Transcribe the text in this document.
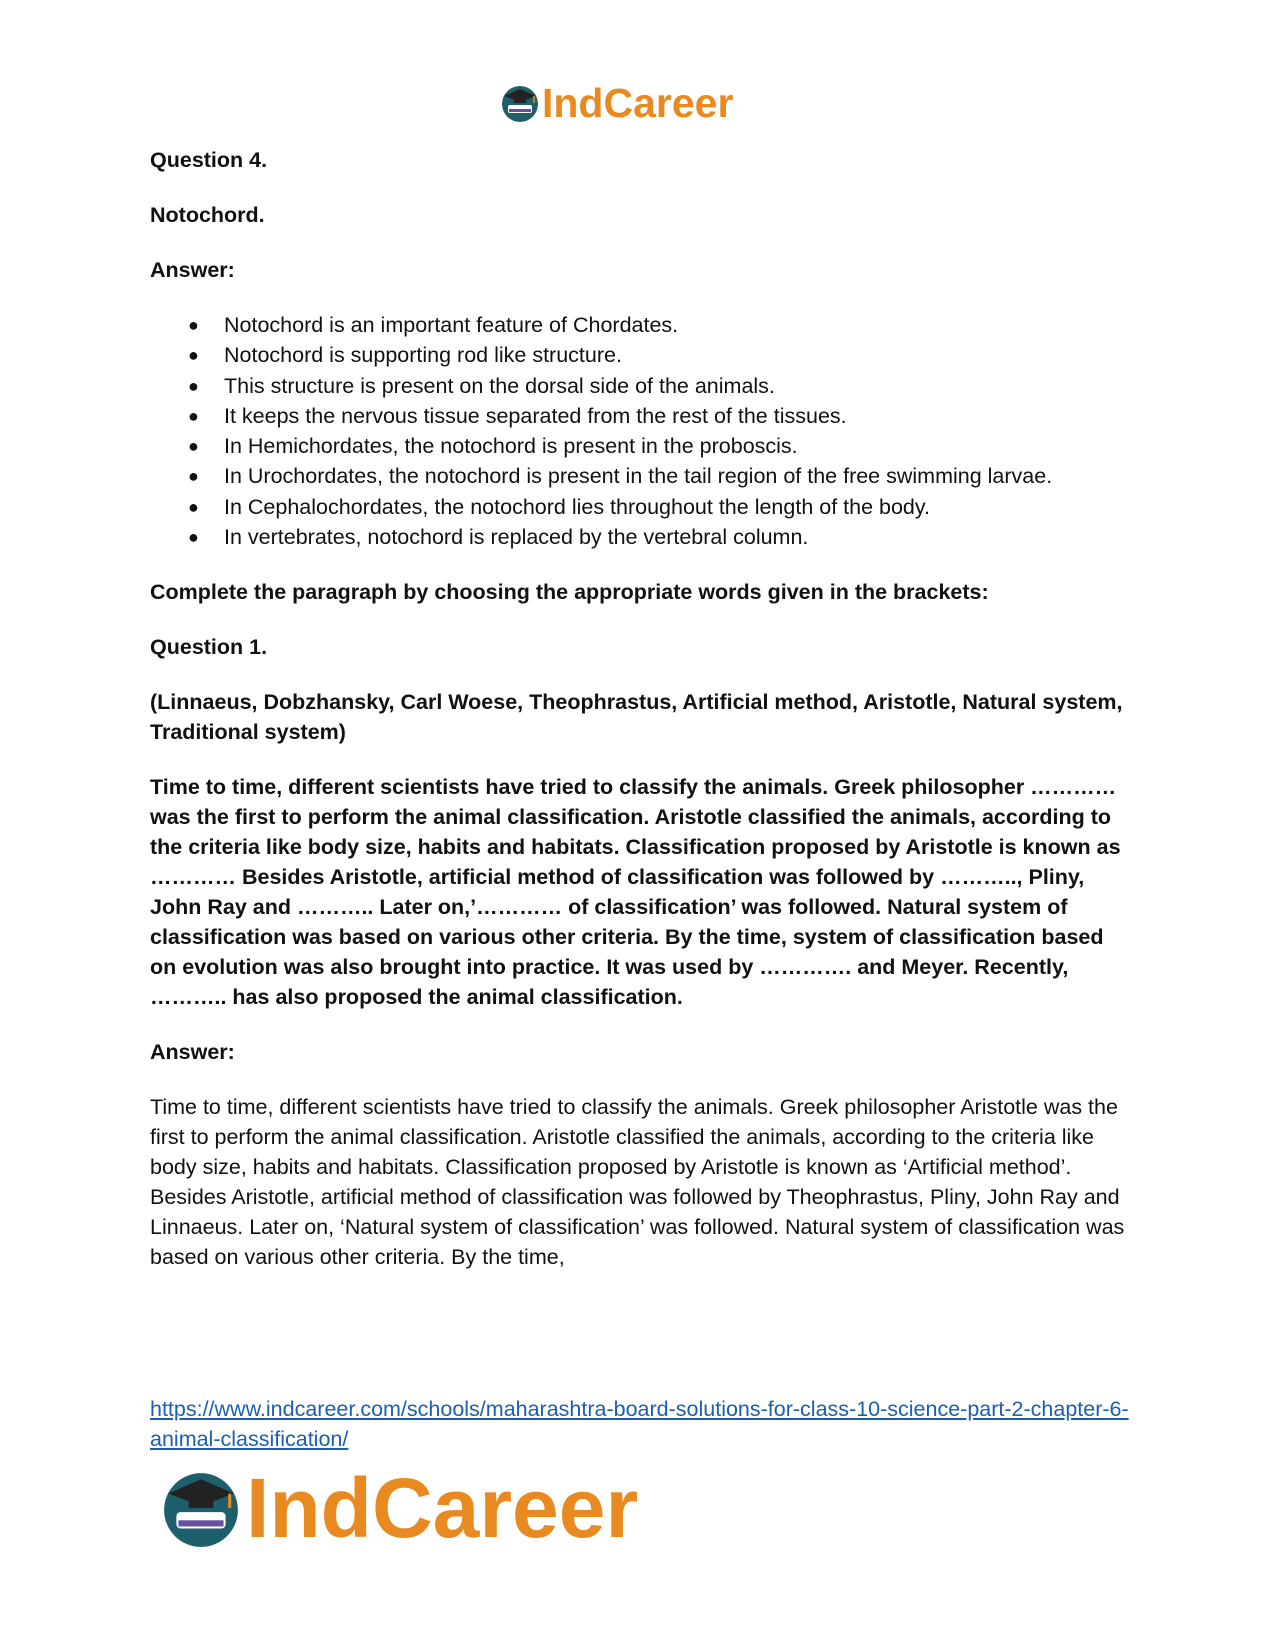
IndCareer

Question 4.

Notochord.

Answer:

● Notochord is an important feature of Chordates.
● Notochord is supporting rod like structure.
● This structure is present on the dorsal side of the animals.
● It keeps the nervous tissue separated from the rest of the tissues.
● In Hemichordates, the notochord is present in the proboscis.
● In Urochordates, the notochord is present in the tail region of the free swimming larvae.
● In Cephalochordates, the notochord lies throughout the length of the body.
● In vertebrates, notochord is replaced by the vertebral column.

Complete the paragraph by choosing the appropriate words given in the brackets:

Question 1.

(Linnaeus, Dobzhansky, Carl Woese, Theophrastus, Artificial method, Aristotle, Natural system, Traditional system)

Time to time, different scientists have tried to classify the animals. Greek philosopher ………… was the first to perform the animal classification. Aristotle classified the animals, according to the criteria like body size, habits and habitats. Classification proposed by Aristotle is known as ………… Besides Aristotle, artificial method of classification was followed by ……….., Pliny, John Ray and ……….. Later on,’………… of classification’ was followed. Natural system of classification was based on various other criteria. By the time, system of classification based on evolution was also brought into practice. It was used by …………. and Meyer. Recently, ……….. has also proposed the animal classification.

Answer:

Time to time, different scientists have tried to classify the animals. Greek philosopher Aristotle was the first to perform the animal classification. Aristotle classified the animals, according to the criteria like body size, habits and habitats. Classification proposed by Aristotle is known as ‘Artificial method’. Besides Aristotle, artificial method of classification was followed by Theophrastus, Pliny, John Ray and Linnaeus. Later on, ‘Natural system of classification’ was followed. Natural system of classification was based on various other criteria. By the time,

https://www.indcareer.com/schools/maharashtra-board-solutions-for-class-10-science-part-2-chapter-6-animal-classification/
IndCareer
